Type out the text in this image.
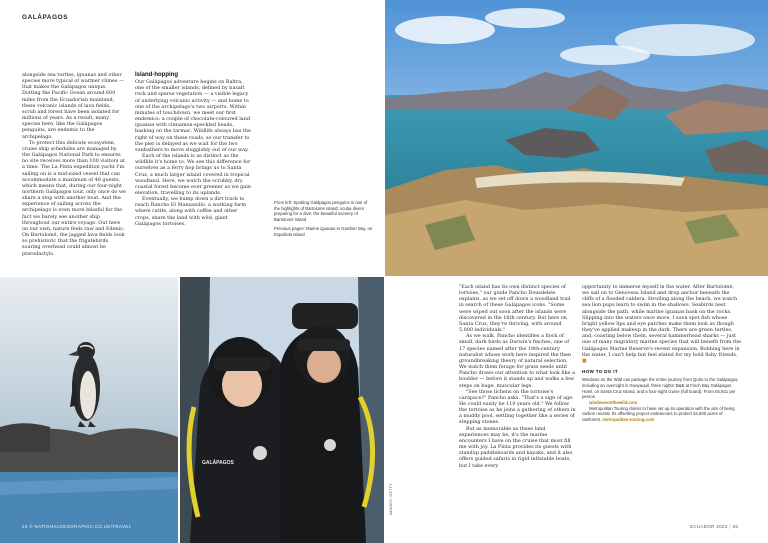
GALÁPAGOS

alongside sea turtles, iguanas and other species more typical of warmer climes — that makes the Galápagos unique. Dotting the Pacific Ocean around 600 miles from the Ecuadorian mainland, these volcanic islands of lava fields, scrub and forest have been isolated for millions of years. As a result, many species here, like the Galápagos penguins, are endemic to the archipelago.

To protect this delicate ecosystem, cruise ship schedules are managed by the Galápagos National Park to ensures no site receives more than 100 visitors at a time. The La Pinta expedition yacht I'm sailing on is a mid-sized vessel that can accommodate a maximum of 48 guests, which means that, during our four-night northern Galápagos tour, only once do we share a stop with another boat. And the experience of sailing across the archipelago is even more blissful for the fact we barely see another ship throughout our entire voyage. Out here on our own, nature feels raw and Edenic. On Bartolomé, the jagged lava fields look so prehistoric that the frigatebirds soaring overhead could almost be pterodactyls.

Island-hopping

Our Galápagos adventure begins on Baltra, one of the smaller islands, defined by basalt rock and sparse vegetation — a visible legacy of underlying volcanic activity — and home to one of the archipelago's two airports. Within minutes of touchdown, we meet our first endemics: a couple of chocolate-coloured land iguanas with cinnamon-speckled heads, basking on the tarmac. Wildlife always has the right of way on these roads, so our transfer to the pier is delayed as we wait for the two sunbathers to move sluggishly out of our way.

Each of the islands is as distinct as the wildlife it's home to. We see this difference for ourselves as a ferry hop brings us to Santa Cruz, a much larger island covered in tropical woodland. Here, we watch the scrubby, dry coastal forest become ever greener as we gain elevation, travelling to its uplands.

Eventually, we bump down a dirt track to reach Rancho El Manzanillo, a working farm where cattle, along with coffee and other crops, share the land with wild, giant Galápagos tortoises.

From left: Spotting Galápagos penguins is one of the highlights of Bartolomé Island; scuba divers preparing for a dive; the beautiful scenery of Bartolomé Island

Previous pages: Marine iguanas in Gardner Bay, on Española Island

24 © NATIONALGEOGRAPHIC.CO.UK/TRAVEL
GALÁPAGOS
IMAGES: GETTY

"Each island has its own distinct species of tortoise," our guide Pancho Dousdebés explains, as we set off down a woodland trail in search of these Galápagos icons. "Some were wiped out soon after the islands were discovered in the 16th century. But here on Santa Cruz, they're thriving, with around 5,000 individuals."

As we walk, Pancho identifies a flock of small, dark birds as Darwin's finches, one of 17 species named after the 19th-century naturalist whose work here inspired the then groundbreaking theory of natural selection. We watch them forage for grass seeds until Pancho draws our attention to what look like a boulder — before it stands up and walks a few steps on huge, muscular legs.

"See those lichens on the tortoise's carapace?" Pancho asks. "That's a sign of age. He could easily be 110 years old." We follow the tortoise as he joins a gathering of others in a muddy pool, settling together like a series of stepping stones.

But as memorable as these land experiences may be, it's the marine encounters I have on the cruise that most fill me with joy. La Pinta provides its guests with standup paddleboards and kayaks, and it also offers guided safaris in rigid inflatable boats, but I take every

opportunity to immerse myself in the water. After Bartolomé, we sail on to Genovesa Island and drop anchor beneath the cliffs of a flooded caldera. Strolling along the beach, we watch sea lion pups learn to swim in the shallows. Seabirds nest alongside the path, while marine iguanas bask on the rocks. Slipping into the waters once more, I soon spot fish whose bright yellow lips and eye patches make them look as though they've applied makeup in the dark. There are green turtles, and, coasting below them, several hammerhead sharks — just one of many migratory marine species that will benefit from the Galápagos Marine Reserve's recent expansion. Bobbing here in the water, I can't help but feel elated for my bold fishy friends. ■

HOW TO DO IT

Windows on the Wild can package the entire journey from Quito to the Galápagos, including an overnight in Guayaquil, three nights' B&B at Finch Bay Galápagos Hotel, on Santa Cruz Island, and a four-night cruise (full board). From £6,921 per person.

windowsonthewild.com

Metropolitan Touring claims to have set up its operation with the aim of being carbon neutral. Its offsetting project endeavours to protect 34,600 acres of rainforest. metropolitan-touring.com

ECUADOR 2023 | 25
